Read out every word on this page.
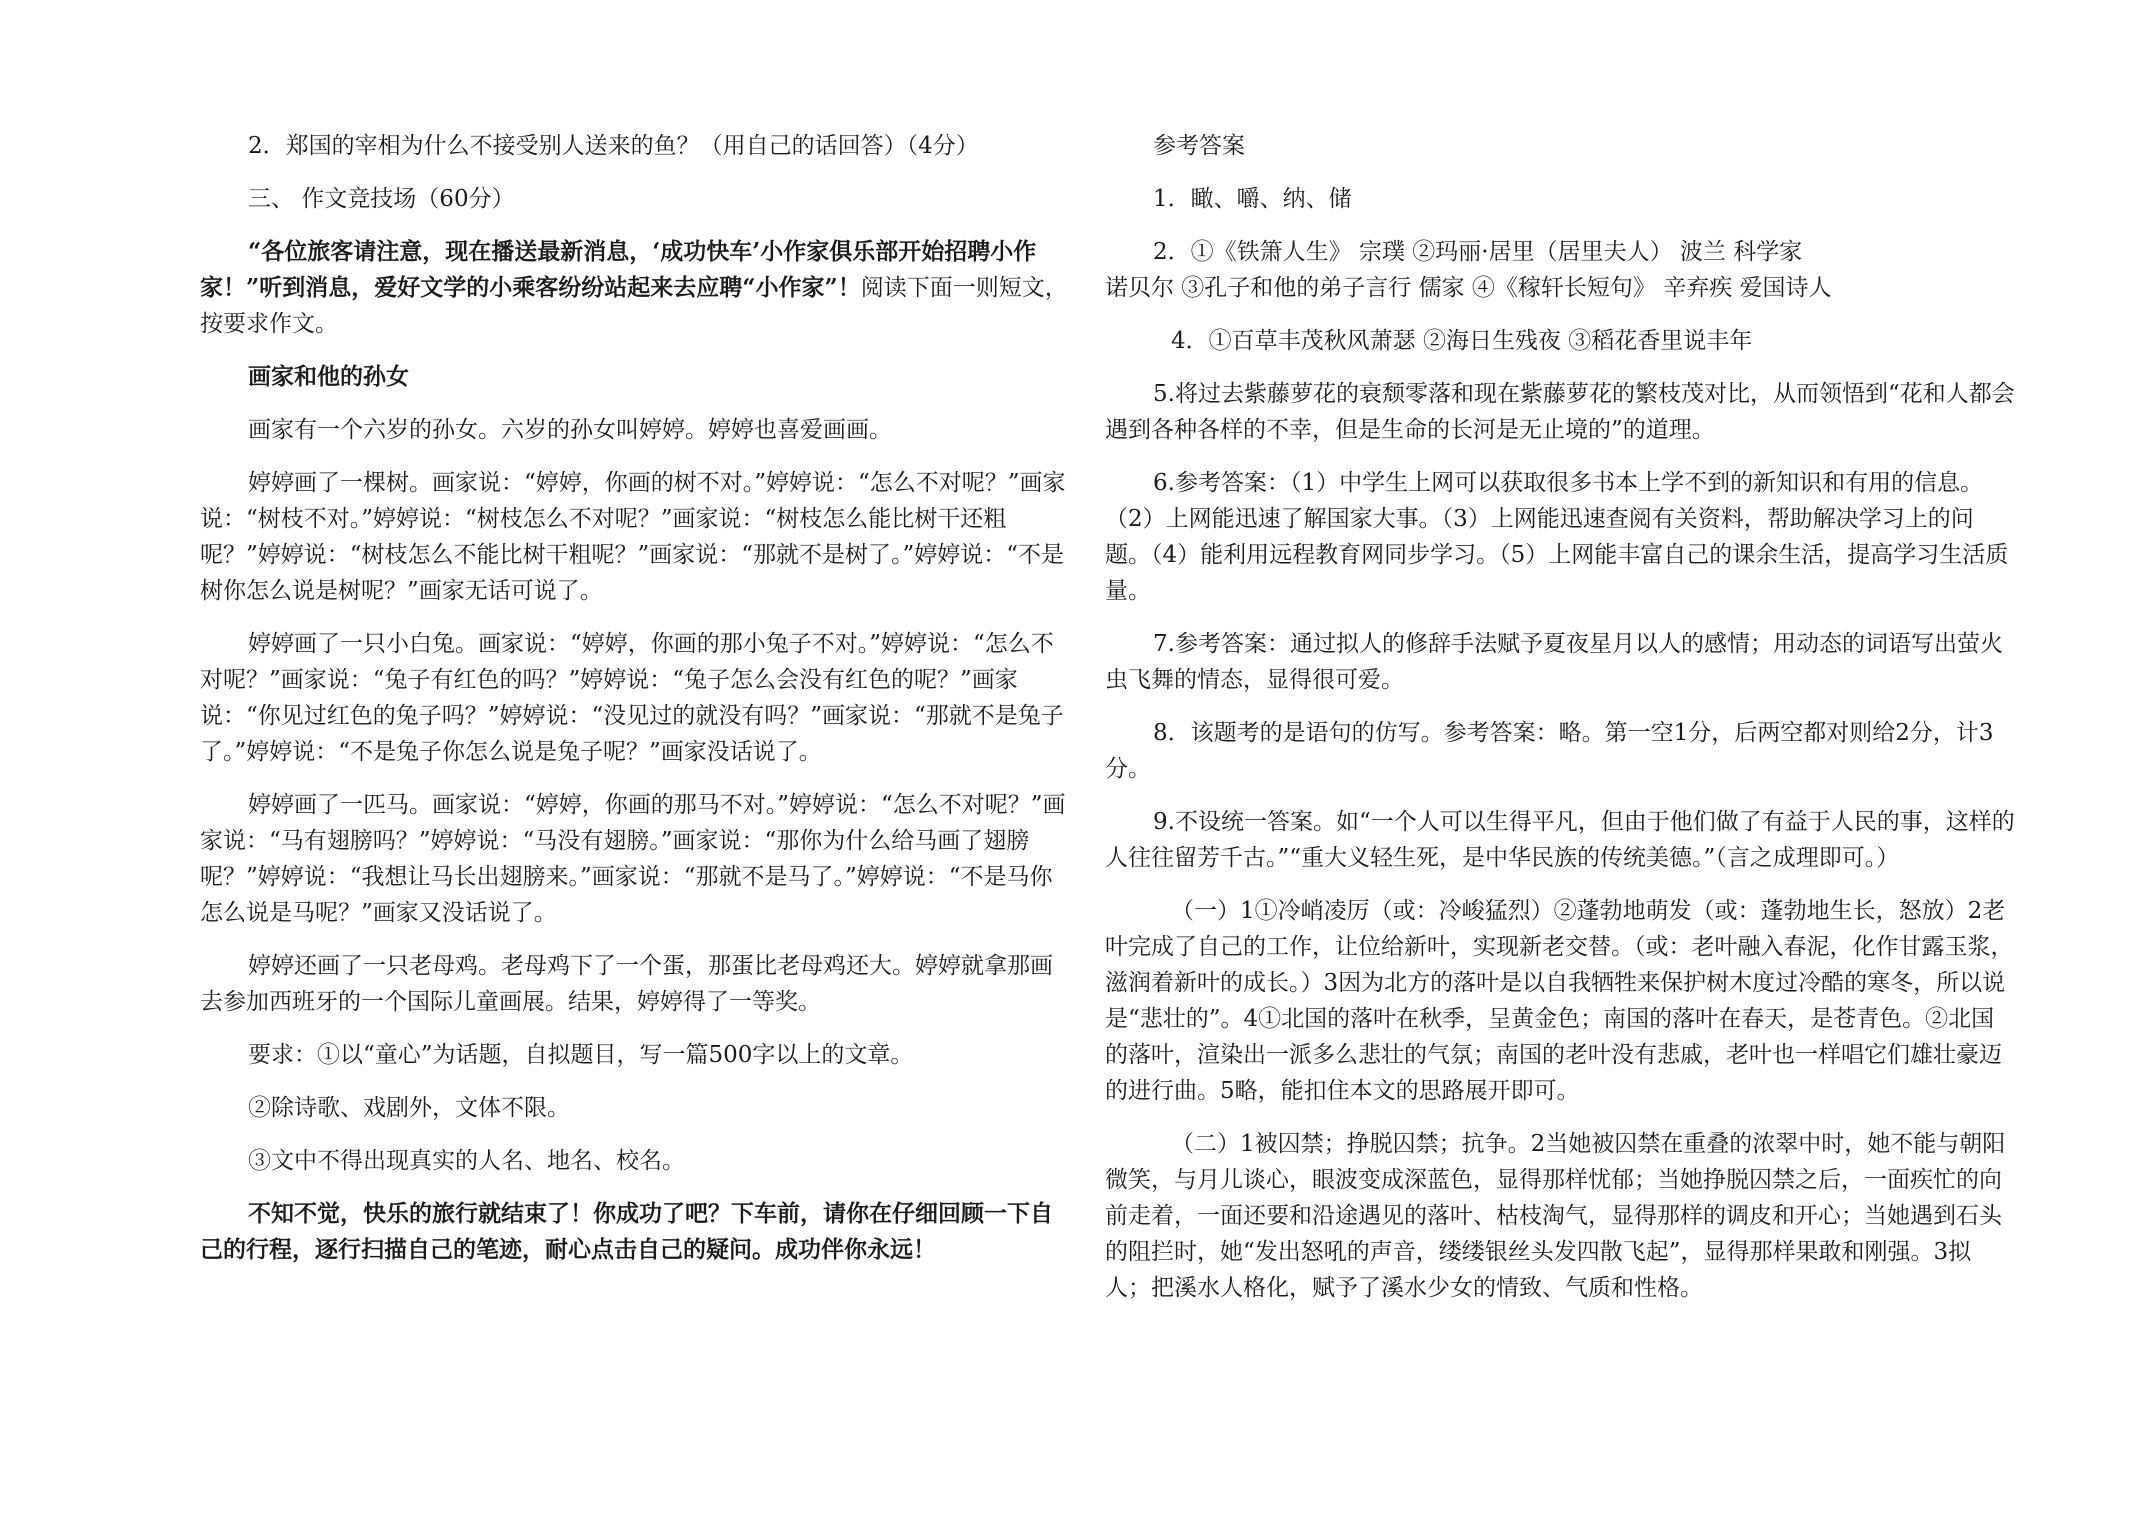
2．郑国的宰相为什么不接受别人送来的鱼？（用自己的话回答）（4分）

三、 作文竞技场（60分）

“各位旅客请注意，现在播送最新消息，‘成功快车’小作家俱乐部开始招聘小作家！”听到消息，爱好文学的小乘客纷纷站起来去应聘“小作家”！阅读下面一则短文，按要求作文。

画家和他的孙女

画家有一个六岁的孙女。六岁的孙女叫婷婷。婷婷也喜爱画画。

婷婷画了一棵树。画家说：“婷婷，你画的树不对。”婷婷说：“怎么不对呢？”画家说：“树枝不对。”婷婷说：“树枝怎么不对呢？”画家说：“树枝怎么能比树干还粗呢？”婷婷说：“树枝怎么不能比树干粗呢？”画家说：“那就不是树了。”婷婷说：“不是树你怎么说是树呢？”画家无话可说了。

婷婷画了一只小白兔。画家说：“婷婷，你画的那小兔子不对。”婷婷说：“怎么不对呢？”画家说：“兔子有红色的吗？”婷婷说：“兔子怎么会没有红色的呢？”画家说：“你见过红色的兔子吗？”婷婷说：“没见过的就没有吗？”画家说：“那就不是兔子了。”婷婷说：“不是兔子你怎么说是兔子呢？”画家没话说了。

婷婷画了一匹马。画家说：“婷婷，你画的那马不对。”婷婷说：“怎么不对呢？”画家说：“马有翅膀吗？”婷婷说：“马没有翅膀。”画家说：“那你为什么给马画了翅膀呢？”婷婷说：“我想让马长出翅膀来。”画家说：“那就不是马了。”婷婷说：“不是马你怎么说是马呢？”画家又没话说了。

婷婷还画了一只老母鸡。老母鸡下了一个蛋，那蛋比老母鸡还大。婷婷就拿那画去参加西班牙的一个国际儿童画展。结果，婷婷得了一等奖。

要求：①以“童心”为话题，自拟题目，写一篇500字以上的文章。

②除诗歌、戏剧外，文体不限。

③文中不得出现真实的人名、地名、校名。

不知不觉，快乐的旅行就结束了！你成功了吧？下车前，请你在仔细回顾一下自己的行程，逐行扫描自己的笔迹，耐心点击自己的疑问。成功伴你永远！

参考答案

1．瞰、嚼、纳、储

2．①《铁箫人生》 宗璞 ②玛丽·居里（居里夫人） 波兰 科学家
诺贝尔 ③孔子和他的弟子言行 儒家 ④《稼轩长短句》 辛弃疾 爱国诗人

4．①百草丰茂秋风萧瑟 ②海日生残夜 ③稻花香里说丰年

5.将过去紫藤萝花的衰颓零落和现在紫藤萝花的繁枝茂对比，从而领悟到“花和人都会遇到各种各样的不幸，但是生命的长河是无止境的”的道理。

6.参考答案：（1）中学生上网可以获取很多书本上学不到的新知识和有用的信息。（2）上网能迅速了解国家大事。（3）上网能迅速查阅有关资料，帮助解决学习上的问题。（4）能利用远程教育网同步学习。（5）上网能丰富自己的课余生活，提高学习生活质量。

7.参考答案：通过拟人的修辞手法赋予夏夜星月以人的感情；用动态的词语写出萤火虫飞舞的情态，显得很可爱。

8．该题考的是语句的仿写。参考答案：略。第一空1分，后两空都对则给2分，计3分。

9.不设统一答案。如“一个人可以生得平凡，但由于他们做了有益于人民的事，这样的人往往留芳千古。”“重大义轻生死，是中华民族的传统美德。”（言之成理即可。）

（一）1①冷峭凌厉（或：冷峻猛烈）②蓬勃地萌发（或：蓬勃地生长，怒放）2老叶完成了自己的工作，让位给新叶，实现新老交替。（或：老叶融入春泥，化作甘露玉浆，滋润着新叶的成长。）3因为北方的落叶是以自我牺牲来保护树木度过冷酷的寒冬，所以说是“悲壮的”。4①北国的落叶在秋季，呈黄金色；南国的落叶在春天，是苍青色。②北国的落叶，渲染出一派多么悲壮的气氛；南国的老叶没有悲戚，老叶也一样唱它们雄壮豪迈的进行曲。5略，能扣住本文的思路展开即可。

（二）1被囚禁；挣脱囚禁；抗争。2当她被囚禁在重叠的浓翠中时，她不能与朝阳微笑，与月儿谈心，眼波变成深蓝色，显得那样忧郁；当她挣脱囚禁之后，一面疾忙的向前走着，一面还要和沿途遇见的落叶、枯枝淘气，显得那样的调皮和开心；当她遇到石头的阻拦时，她“发出怒吼的声音，缕缕银丝头发四散飞起”，显得那样果敢和刚强。3拟人；把溪水人格化，赋予了溪水少女的情致、气质和性格。
